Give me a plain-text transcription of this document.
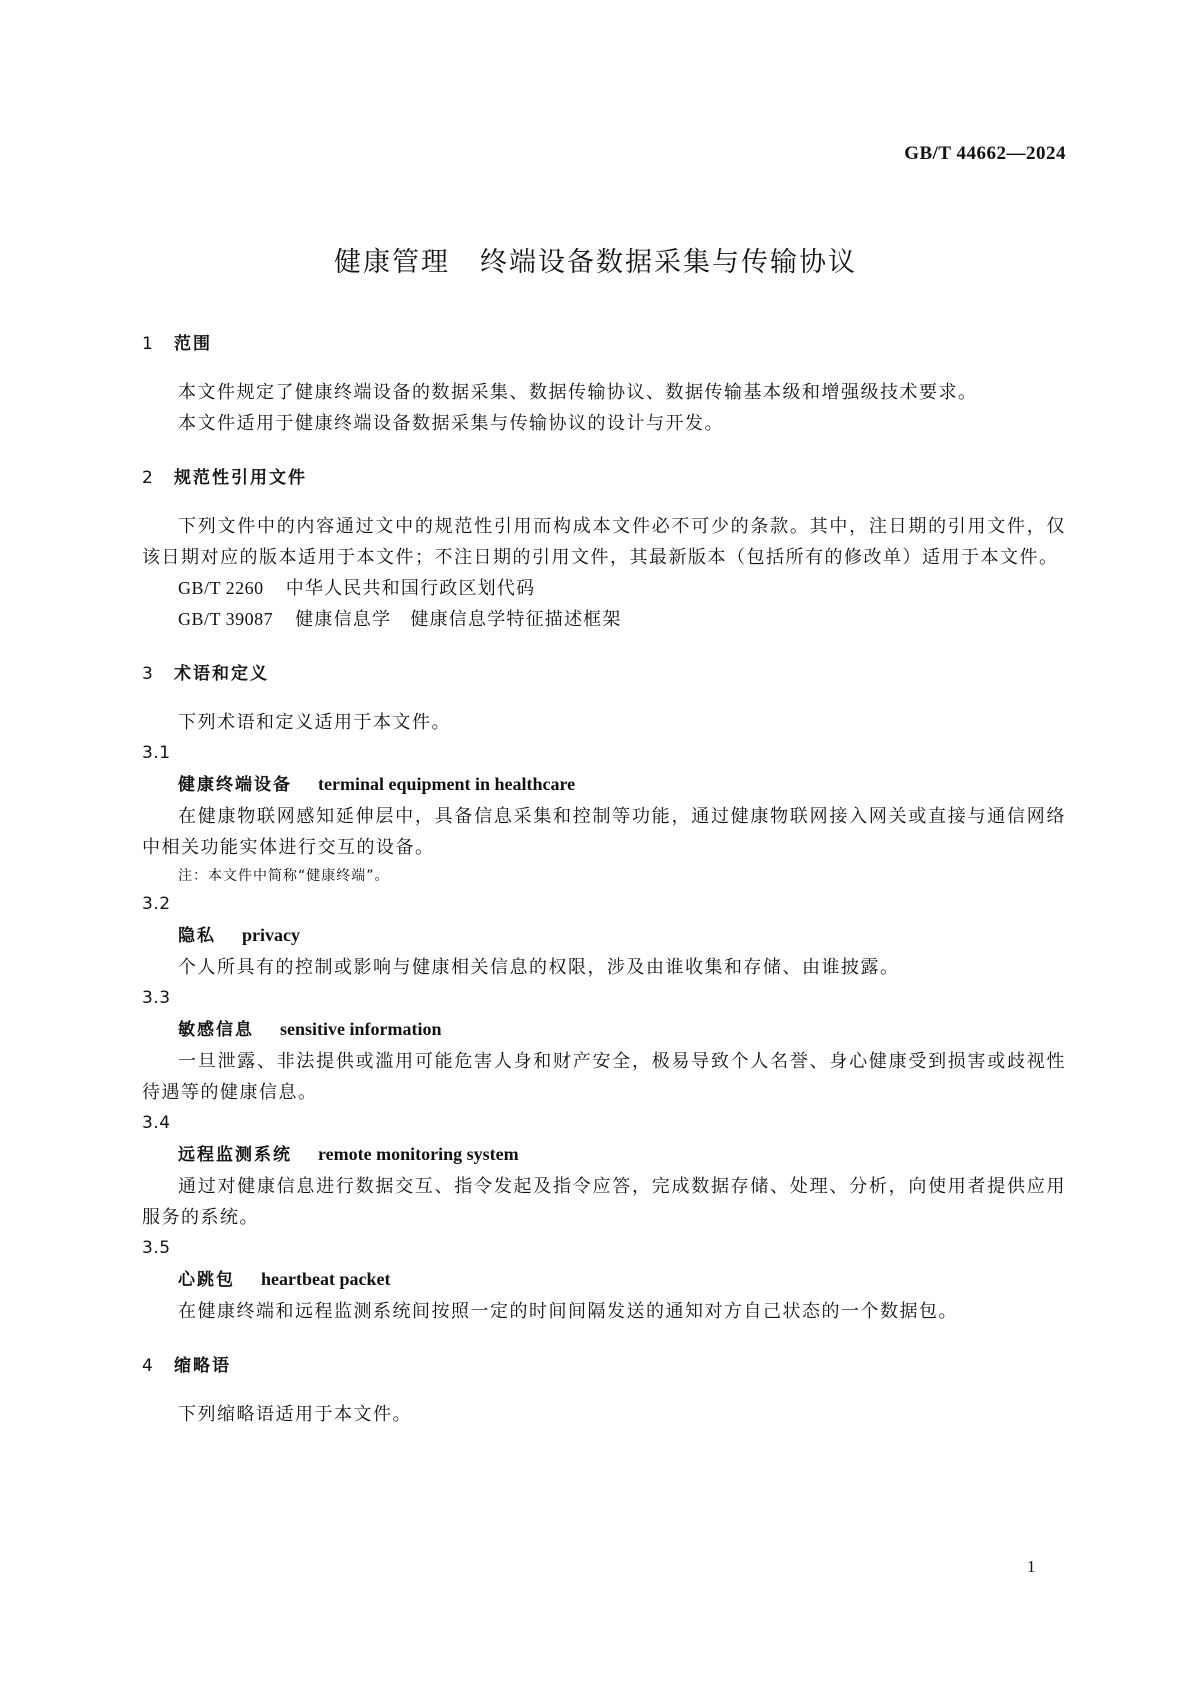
GB/T 44662—2024
健康管理 终端设备数据采集与传输协议
1 范围

本文件规定了健康终端设备的数据采集、数据传输协议、数据传输基本级和增强级技术要求。

本文件适用于健康终端设备数据采集与传输协议的设计与开发。

2 规范性引用文件

下列文件中的内容通过文中的规范性引用而构成本文件必不可少的条款。其中，注日期的引用文件，仅该日期对应的版本适用于本文件；不注日期的引用文件，其最新版本（包括所有的修改单）适用于本文件。

GB/T 2260 中华人民共和国行政区划代码
GB/T 39087 健康信息学　健康信息学特征描述框架
3 术语和定义

下列术语和定义适用于本文件。

3.1
健康终端设备 terminal equipment in healthcare

在健康物联网感知延伸层中，具备信息采集和控制等功能，通过健康物联网接入网关或直接与通信网络中相关功能实体进行交互的设备。

注：本文件中简称“健康终端”。
3.2
隐私 privacy

个人所具有的控制或影响与健康相关信息的权限，涉及由谁收集和存储、由谁披露。

3.3
敏感信息 sensitive information

一旦泄露、非法提供或滥用可能危害人身和财产安全，极易导致个人名誉、身心健康受到损害或歧视性待遇等的健康信息。

3.4
远程监测系统 remote monitoring system

通过对健康信息进行数据交互、指令发起及指令应答，完成数据存储、处理、分析，向使用者提供应用服务的系统。

3.5
心跳包 heartbeat packet

在健康终端和远程监测系统间按照一定的时间间隔发送的通知对方自己状态的一个数据包。

4 缩略语

下列缩略语适用于本文件。

1
